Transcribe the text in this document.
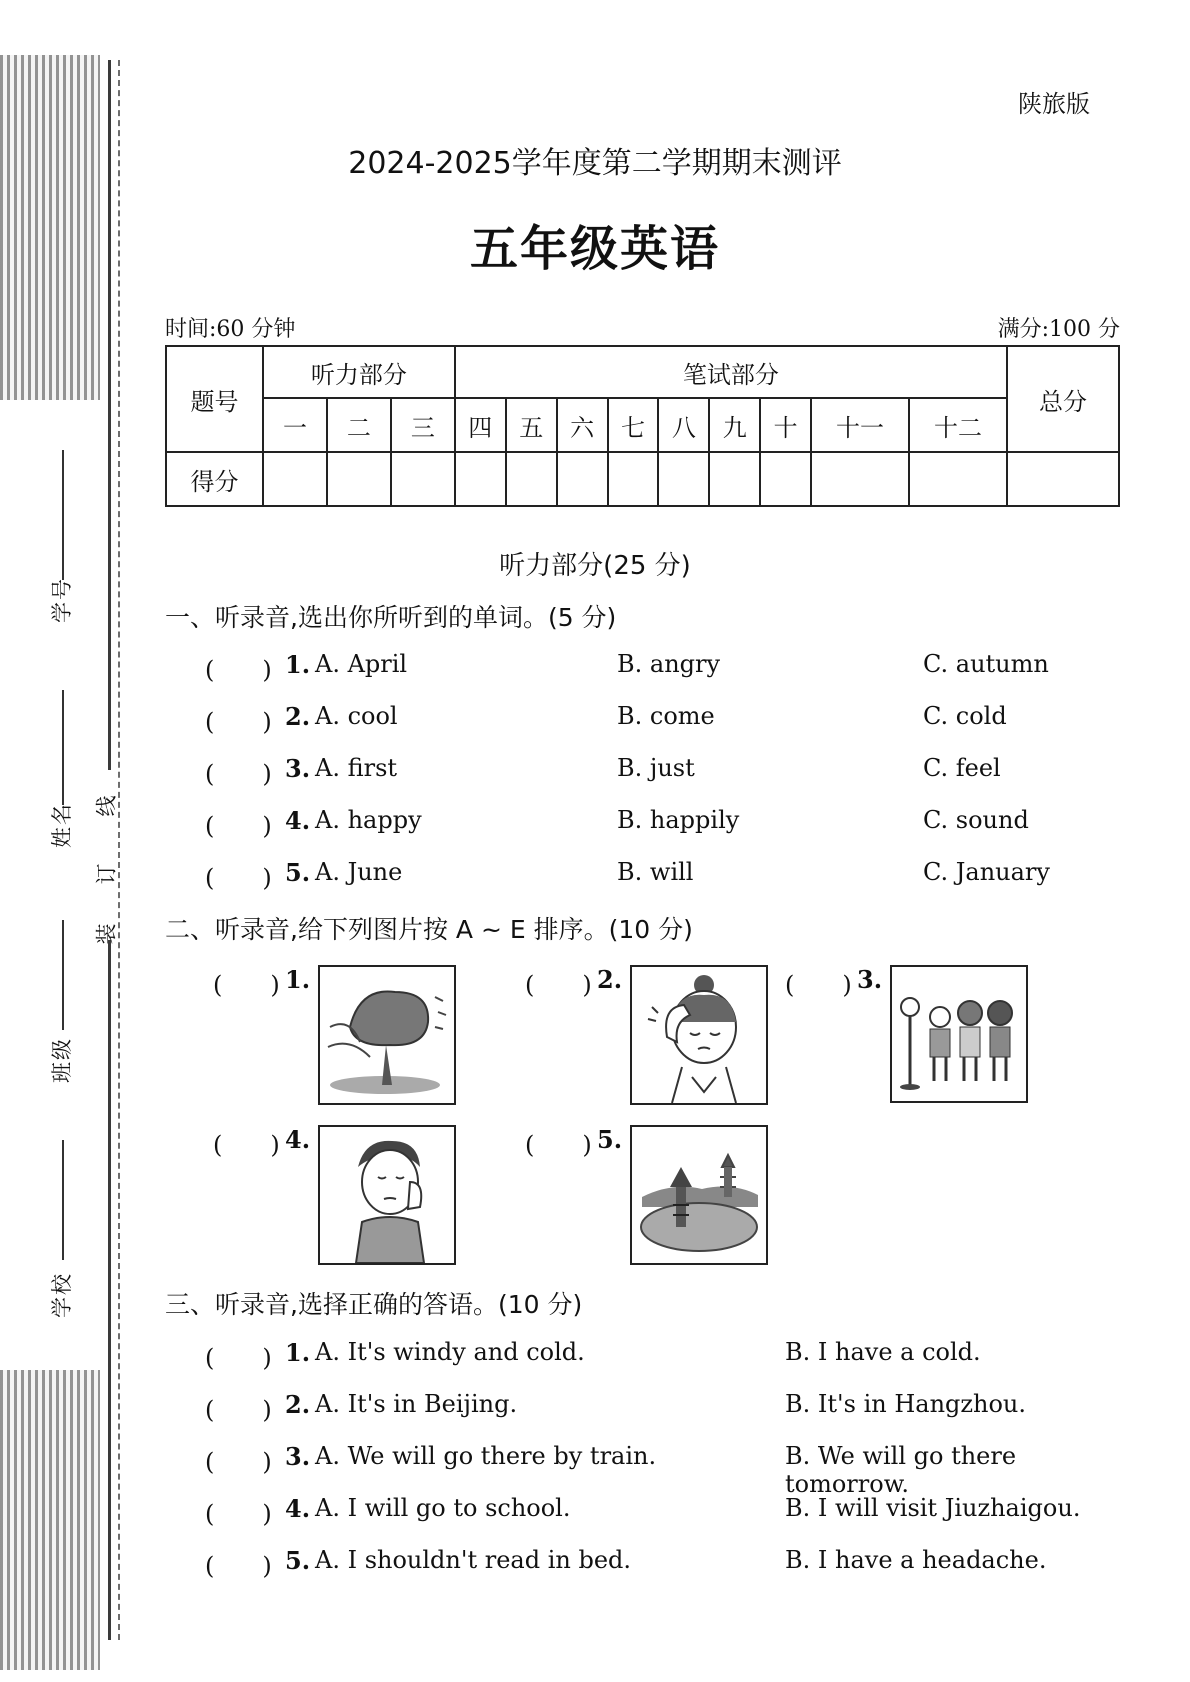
线
订
装
学号
姓名
班级
学校
陕旅版
2024-2025学年度第二学期期末测评
五年级英语
时间:60 分钟	满分:100 分
题号	听力部分			笔试部分									总分
	一	二	三	四	五	六	七	八	九	十	十一	十二	
得分													
听力部分(25 分)
一、听录音,选出你所听到的单词。(5 分)
(　　) 1. A. April	B. angry	C. autumn
(　　) 2. A. cool	B. come	C. cold
(　　) 3. A. first	B. just	C. feel
(　　) 4. A. happy	B. happily	C. sound
(　　) 5. A. June	B. will	C. January
二、听录音,给下列图片按 A ~ E 排序。(10 分)
(　　) 1.	(　　) 2.	(　　) 3.
(　　) 4.	(　　) 5.
三、听录音,选择正确的答语。(10 分)
(　　) 1. A. It's windy and cold.	B. I have a cold.
(　　) 2. A. It's in Beijing.	B. It's in Hangzhou.
(　　) 3. A. We will go there by train.	B. We will go there tomorrow.
(　　) 4. A. I will go to school.	B. I will visit Jiuzhaigou.
(　　) 5. A. I shouldn't read in bed.	B. I have a headache.
